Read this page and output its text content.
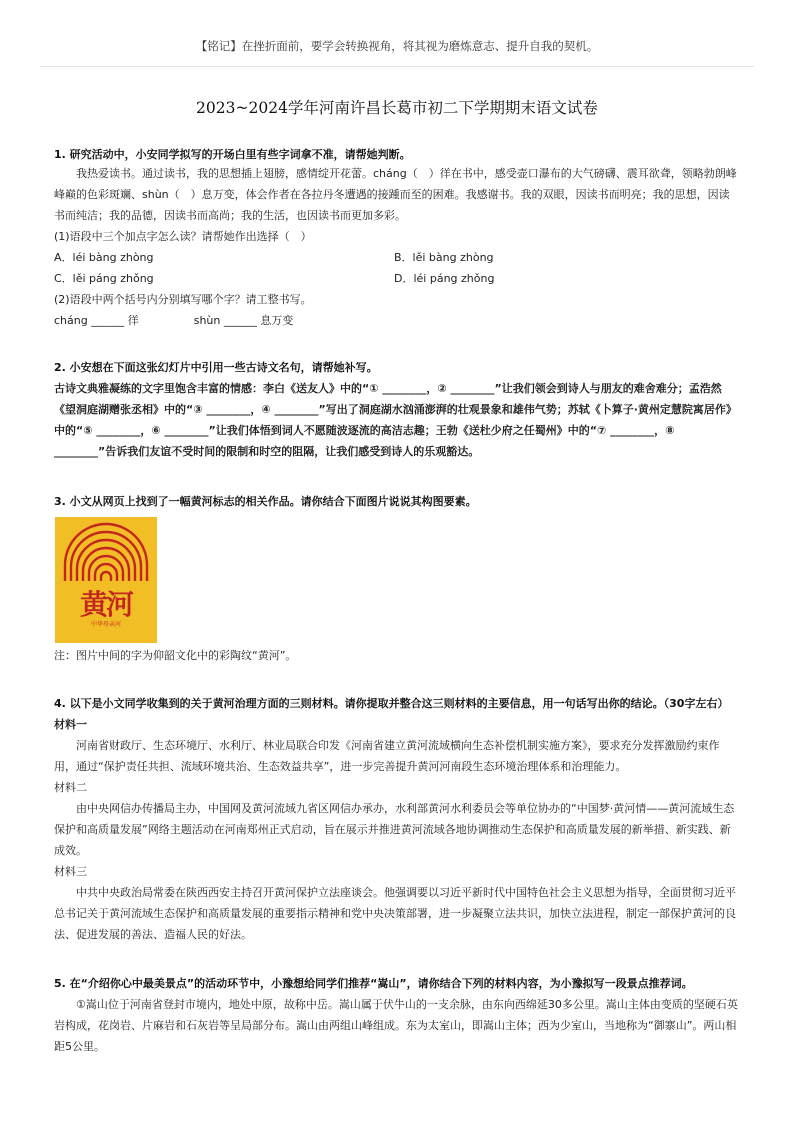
【铭记】在挫折面前，要学会转换视角，将其视为磨炼意志、提升自我的契机。
2023~2024学年河南许昌长葛市初二下学期期末语文试卷
1. 研究活动中，小安同学拟写的开场白里有些字词拿不准，请帮她判断。
我热爱读书。通过读书，我的思想插上翅膀，感情绽开花蕾。cháng（　）徉在书中，感受壶口瀑布的大气磅礴、震耳欲聋，领略勃朗峰峰巅的色彩斑斓、shùn（　）息万变，体会作者在各拉丹冬遭遇的接踵而至的困难。我感谢书。我的双眼，因读书而明亮；我的思想，因读书而纯洁；我的品德，因读书而高尚；我的生活，也因读书而更加多彩。
(1)语段中三个加点字怎么读？请帮她作出选择（　）
A．léi bàng zhòng	B．lěi bàng zhòng
C．lěi páng zhǒng	D．léi páng zhǒng
(2)语段中两个括号内分别填写哪个字？请工整书写。
cháng ______ 徉　　　　　shùn ______ 息万变
2. 小安想在下面这张幻灯片中引用一些古诗文名句，请帮她补写。
古诗文典雅凝练的文字里饱含丰富的情感：李白《送友人》中的“① ________，② ________”让我们领会到诗人与朋友的难舍难分；孟浩然《望洞庭湖赠张丞相》中的“③ ________，④ ________”写出了洞庭湖水汹涌澎湃的壮观景象和雄伟气势；苏轼《卜算子·黄州定慧院寓居作》中的“⑤ ________，⑥ ________”让我们体悟到词人不愿随波逐流的高洁志趣；王勃《送杜少府之任蜀州》中的“⑦ ________，⑧ ________”告诉我们友谊不受时间的限制和时空的阻隔，让我们感受到诗人的乐观豁达。
3. 小文从网页上找到了一幅黄河标志的相关作品。请你结合下面图片说说其构图要素。
黄河
中华母亲河
注：图片中间的字为仰韶文化中的彩陶纹“黄河”。
4. 以下是小文同学收集到的关于黄河治理方面的三则材料。请你提取并整合这三则材料的主要信息，用一句话写出你的结论。（30字左右）
材料一
河南省财政厅、生态环境厅、水利厅、林业局联合印发《河南省建立黄河流域横向生态补偿机制实施方案》，要求充分发挥激励约束作用，通过“保护责任共担、流域环境共治、生态效益共享”，进一步完善提升黄河河南段生态环境治理体系和治理能力。
材料二
由中央网信办传播局主办，中国网及黄河流域九省区网信办承办，水利部黄河水利委员会等单位协办的“中国梦·黄河情——黄河流域生态保护和高质量发展”网络主题活动在河南郑州正式启动，旨在展示并推进黄河流域各地协调推动生态保护和高质量发展的新举措、新实践、新成效。
材料三
中共中央政治局常委在陕西西安主持召开黄河保护立法座谈会。他强调要以习近平新时代中国特色社会主义思想为指导，全面贯彻习近平总书记关于黄河流域生态保护和高质量发展的重要指示精神和党中央决策部署，进一步凝聚立法共识，加快立法进程，制定一部保护黄河的良法、促进发展的善法、造福人民的好法。
5. 在“介绍你心中最美景点”的活动环节中，小豫想给同学们推荐“嵩山”，请你结合下列的材料内容，为小豫拟写一段景点推荐词。
①嵩山位于河南省登封市境内，地处中原，故称中岳。嵩山属于伏牛山的一支余脉，由东向西绵延30多公里。嵩山主体由变质的坚硬石英岩构成，花岗岩、片麻岩和石灰岩等呈局部分布。嵩山由两组山峰组成。东为太室山，即嵩山主体；西为少室山，当地称为“御寨山”。两山相距5公里。
